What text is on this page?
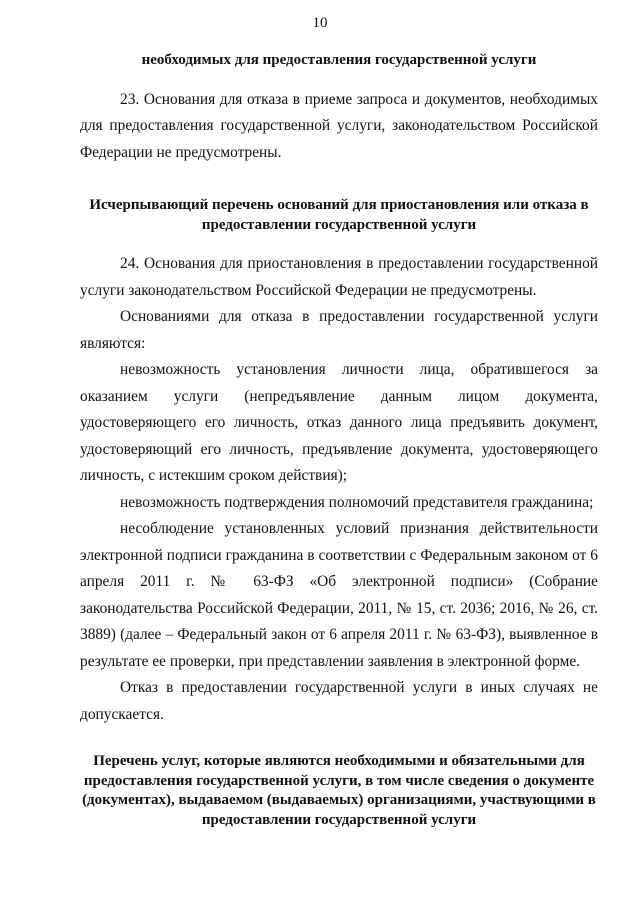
10

необходимых для предоставления государственной услуги

23. Основания для отказа в приеме запроса и документов, необходимых для предоставления государственной услуги, законодательством Российской Федерации не предусмотрены.

Исчерпывающий перечень оснований для приостановления или отказа в предоставлении государственной услуги

24. Основания для приостановления в предоставлении государственной услуги законодательством Российской Федерации не предусмотрены.

Основаниями для отказа в предоставлении государственной услуги являются:

невозможность установления личности лица, обратившегося за оказанием услуги (непредъявление данным лицом документа, удостоверяющего его личность, отказ данного лица предъявить документ, удостоверяющий его личность, предъявление документа, удостоверяющего личность, с истекшим сроком действия);

невозможность подтверждения полномочий представителя гражданина;

несоблюдение установленных условий признания действительности электронной подписи гражданина в соответствии с Федеральным законом от 6 апреля 2011 г. № 63-ФЗ «Об электронной подписи» (Собрание законодательства Российской Федерации, 2011, № 15, ст. 2036; 2016, № 26, ст. 3889) (далее – Федеральный закон от 6 апреля 2011 г. № 63-ФЗ), выявленное в результате ее проверки, при представлении заявления в электронной форме.

Отказ в предоставлении государственной услуги в иных случаях не допускается.

Перечень услуг, которые являются необходимыми и обязательными для предоставления государственной услуги, в том числе сведения о документе (документах), выдаваемом (выдаваемых) организациями, участвующими в предоставлении государственной услуги
